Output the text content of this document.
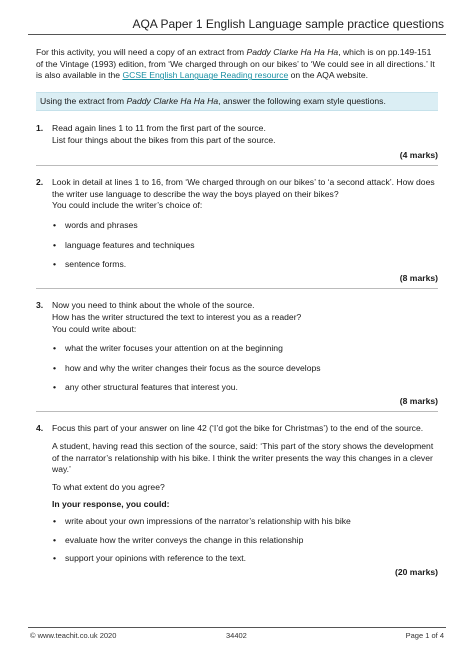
AQA Paper 1 English Language sample practice questions

For this activity, you will need a copy of an extract from Paddy Clarke Ha Ha Ha, which is on pp.149-151 of the Vintage (1993) edition, from ‘We charged through on our bikes’ to ‘We could see in all directions.’ It is also available in the GCSE English Language Reading resource on the AQA website.

Using the extract from Paddy Clarke Ha Ha Ha, answer the following exam style questions.
1. Read again lines 1 to 11 from the first part of the source.

List four things about the bikes from this part of the source.

(4 marks)
2. Look in detail at lines 1 to 16, from ‘We charged through on our bikes’ to ‘a second attack’. How does the writer use language to describe the way the boys played on their bikes?

You could include the writer’s choice of:

• words and phrases
• language features and techniques
• sentence forms.
(8 marks)
3. Now you need to think about the whole of the source.

How has the writer structured the text to interest you as a reader?

You could write about:

• what the writer focuses your attention on at the beginning
• how and why the writer changes their focus as the source develops
• any other structural features that interest you.
(8 marks)
4. Focus this part of your answer on line 42 (‘I’d got the bike for Christmas’) to the end of the source.

A student, having read this section of the source, said: ‘This part of the story shows the development of the narrator’s relationship with his bike. I think the writer presents the way this changes in a clever way.’

To what extent do you agree?

In your response, you could:

• write about your own impressions of the narrator’s relationship with his bike
• evaluate how the writer conveys the change in this relationship
• support your opinions with reference to the text.
(20 marks)
© www.teachit.co.uk 2020	34402	Page 1 of 4
